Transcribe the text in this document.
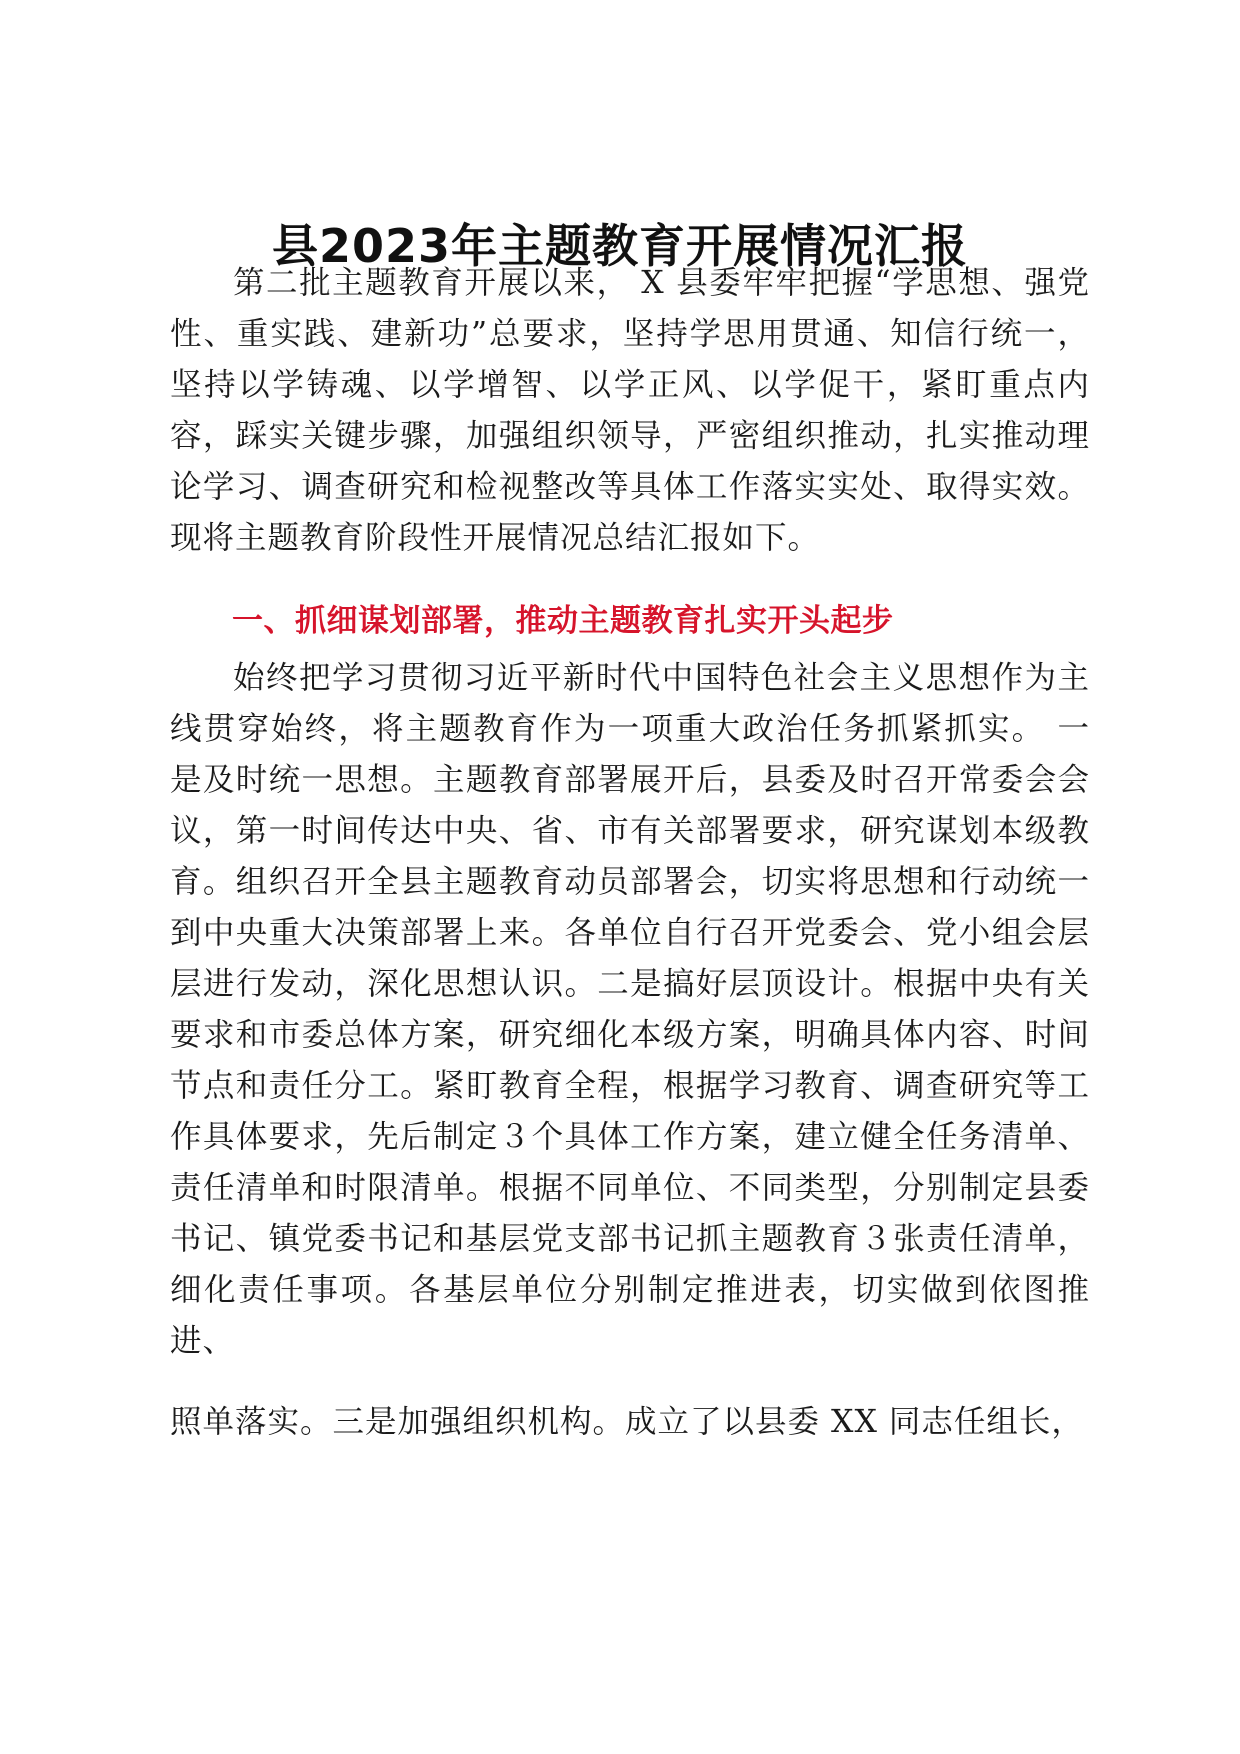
县2023年主题教育开展情况汇报

第二批主题教育开展以来， X 县委牢牢把握“学思想、强党性、重实践、建新功”总要求，坚持学思用贯通、知信行统一，坚持以学铸魂、以学增智、以学正风、以学促干，紧盯重点内容，踩实关键步骤，加强组织领导，严密组织推动，扎实推动理论学习、调查研究和检视整改等具体工作落实实处、取得实效。现将主题教育阶段性开展情况总结汇报如下。

一、抓细谋划部署，推动主题教育扎实开头起步

始终把学习贯彻习近平新时代中国特色社会主义思想作为主线贯穿始终，将主题教育作为一项重大政治任务抓紧抓实。 一是及时统一思想。主题教育部署展开后，县委及时召开常委会会议，第一时间传达中央、省、市有关部署要求，研究谋划本级教育。组织召开全县主题教育动员部署会，切实将思想和行动统一到中央重大决策部署上来。各单位自行召开党委会、党小组会层层进行发动，深化思想认识。二是搞好层顶设计。根据中央有关要求和市委总体方案，研究细化本级方案，明确具体内容、时间节点和责任分工。紧盯教育全程，根据学习教育、调查研究等工作具体要求，先后制定３个具体工作方案，建立健全任务清单、 责任清单和时限清单。根据不同单位、不同类型，分别制定县委 书记、镇党委书记和基层党支部书记抓主题教育３张责任清单， 细化责任事项。各基层单位分别制定推进表，切实做到依图推进、

照单落实。三是加强组织机构。成立了以县委 XX 同志任组长，
